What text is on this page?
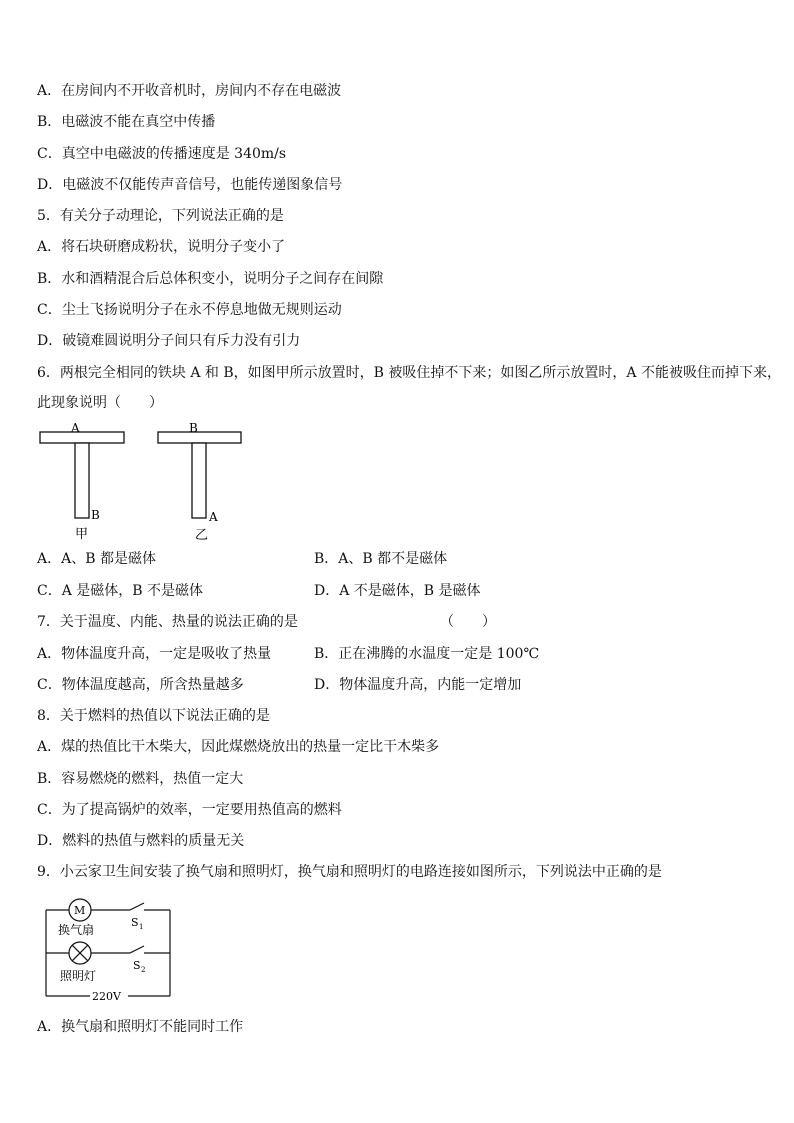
A．在房间内不开收音机时，房间内不存在电磁波
B．电磁波不能在真空中传播
C．真空中电磁波的传播速度是 340m/s
D．电磁波不仅能传声音信号，也能传递图象信号
5．有关分子动理论，下列说法正确的是
A．将石块研磨成粉状，说明分子变小了
B．水和酒精混合后总体积变小，说明分子之间存在间隙
C．尘土飞扬说明分子在永不停息地做无规则运动
D．破镜难圆说明分子间只有斥力没有引力
6．两根完全相同的铁块 A 和 B，如图甲所示放置时，B 被吸住掉不下来；如图乙所示放置时，A 不能被吸住而掉下来，
此现象说明（　　）
A
B
甲
B
A
乙
A．A、B 都是磁体	B．A、B 都不是磁体
C．A 是磁体，B 不是磁体	D．A 不是磁体，B 是磁体
7．关于温度、内能、热量的说法正确的是	（　　）
A．物体温度升高，一定是吸收了热量	B．正在沸腾的水温度一定是 100℃
C．物体温度越高，所含热量越多	D．物体温度升高，内能一定增加
8．关于燃料的热值以下说法正确的是
A．煤的热值比干木柴大，因此煤燃烧放出的热量一定比干木柴多
B．容易燃烧的燃料，热值一定大
C．为了提高锅炉的效率，一定要用热值高的燃料
D．燃料的热值与燃料的质量无关
9．小云家卫生间安装了换气扇和照明灯，换气扇和照明灯的电路连接如图所示，下列说法中正确的是
220V
M
换气扇
S 1
照明灯
S 2
A．换气扇和照明灯不能同时工作
